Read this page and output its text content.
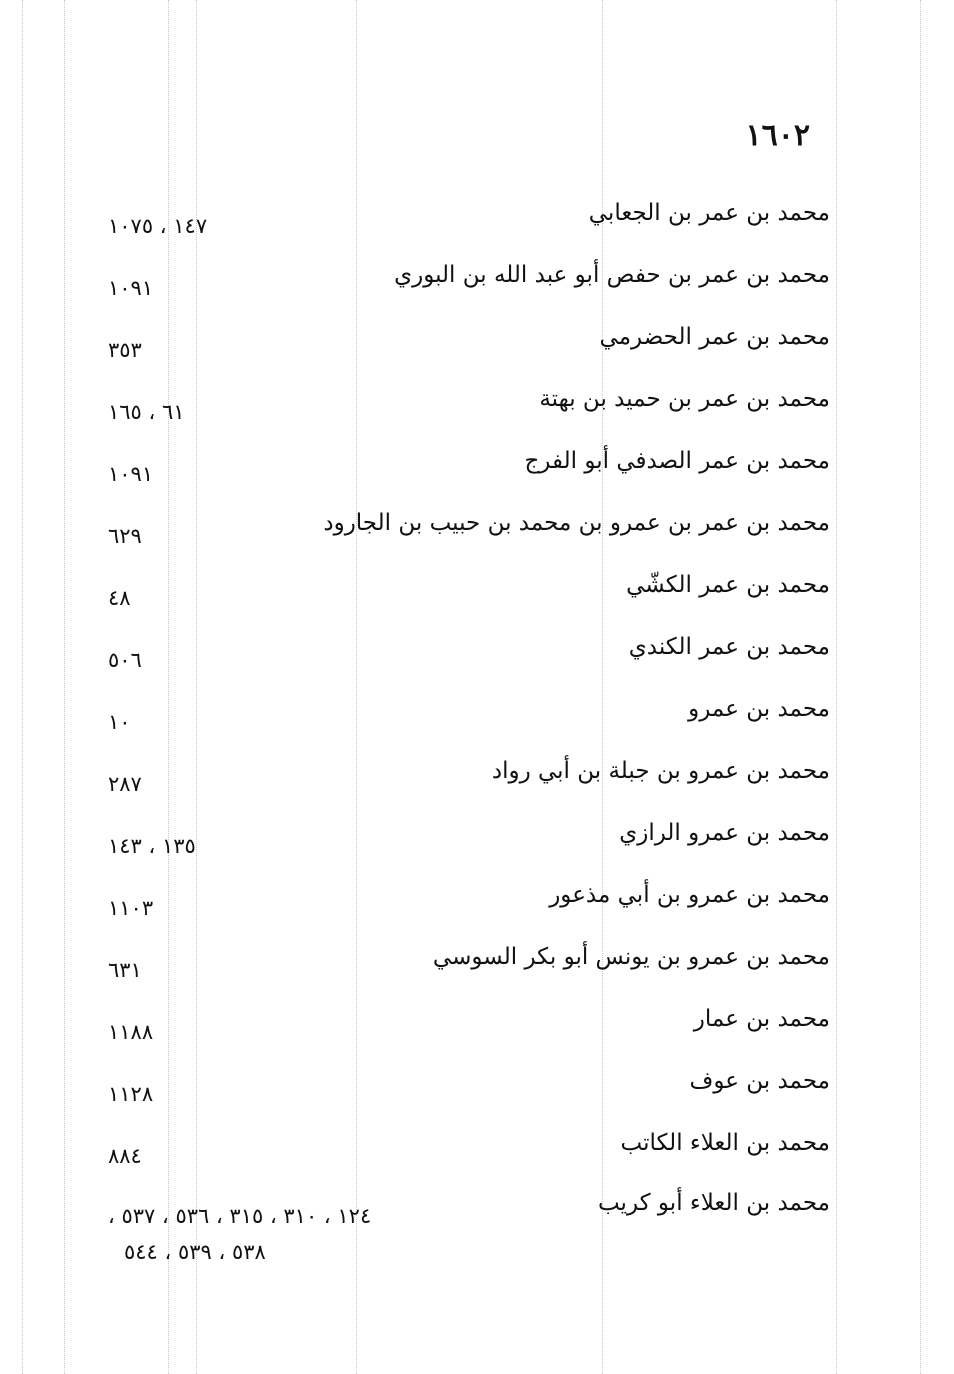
١٦٠٢
محمد بن عمر بن الجعابي
١٤٧ ، ١٠٧٥
محمد بن عمر بن حفص أبو عبد الله بن البوري
١٠٩١
محمد بن عمر الحضرمي
٣٥٣
محمد بن عمر بن حميد بن بهتة
٦١ ، ١٦٥
محمد بن عمر الصدفي أبو الفرج
١٠٩١
محمد بن عمر بن عمرو بن محمد بن حبيب بن الجارود
٦٢٩
محمد بن عمر الكشّي
٤٨
محمد بن عمر الكندي
٥٠٦
محمد بن عمرو
١٠
محمد بن عمرو بن جبلة بن أبي رواد
٢٨٧
محمد بن عمرو الرازي
١٣٥ ، ١٤٣
محمد بن عمرو بن أبي مذعور
١١٠٣
محمد بن عمرو بن يونس أبو بكر السوسي
٦٣١
محمد بن عمار
١١٨٨
محمد بن عوف
١١٢٨
محمد بن العلاء الكاتب
٨٨٤
محمد بن العلاء أبو كريب
١٢٤ ، ٣١٠ ، ٣١٥ ، ٥٣٦ ، ٥٣٧ ،
٥٣٨ ، ٥٣٩ ، ٥٤٤
